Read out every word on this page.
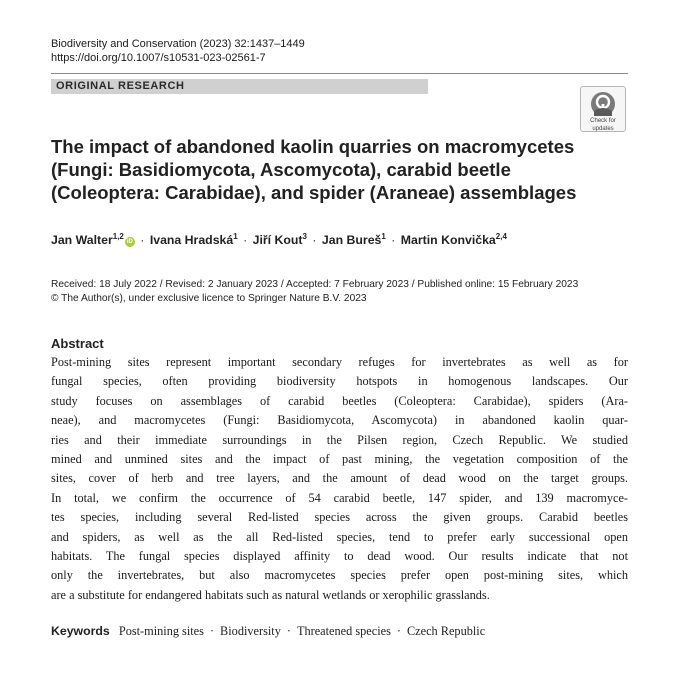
Biodiversity and Conservation (2023) 32:1437–1449
https://doi.org/10.1007/s10531-023-02561-7
ORIGINAL RESEARCH
Check for
updates
The impact of abandoned kaolin quarries on macromycetes
(Fungi: Basidiomycota, Ascomycota), carabid beetle
(Coleoptera: Carabidae), and spider (Araneae) assemblages
Jan Walter$^{1,2}$iD · Ivana Hradská$^1$ · Jiří Kout$^3$ · Jan Bureš$^1$ · Martin Konvička$^{2,4}$
Received: 18 July 2022 / Revised: 2 January 2023 / Accepted: 7 February 2023 / Published online: 15 February 2023
© The Author(s), under exclusive licence to Springer Nature B.V. 2023
Abstract
Post-mining sites represent important secondary refuges for invertebrates as well as for
fungal species, often providing biodiversity hotspots in homogenous landscapes. Our
study focuses on assemblages of carabid beetles (Coleoptera: Carabidae), spiders (Ara-
neae), and macromycetes (Fungi: Basidiomycota, Ascomycota) in abandoned kaolin quar-
ries and their immediate surroundings in the Pilsen region, Czech Republic. We studied
mined and unmined sites and the impact of past mining, the vegetation composition of the
sites, cover of herb and tree layers, and the amount of dead wood on the target groups.
In total, we confirm the occurrence of 54 carabid beetle, 147 spider, and 139 macromyce-
tes species, including several Red-listed species across the given groups. Carabid beetles
and spiders, as well as the all Red-listed species, tend to prefer early successional open
habitats. The fungal species displayed affinity to dead wood. Our results indicate that not
only the invertebrates, but also macromycetes species prefer open post-mining sites, which
are a substitute for endangered habitats such as natural wetlands or xerophilic grasslands.
Keywords Post-mining sites · Biodiversity · Threatened species · Czech Republic
